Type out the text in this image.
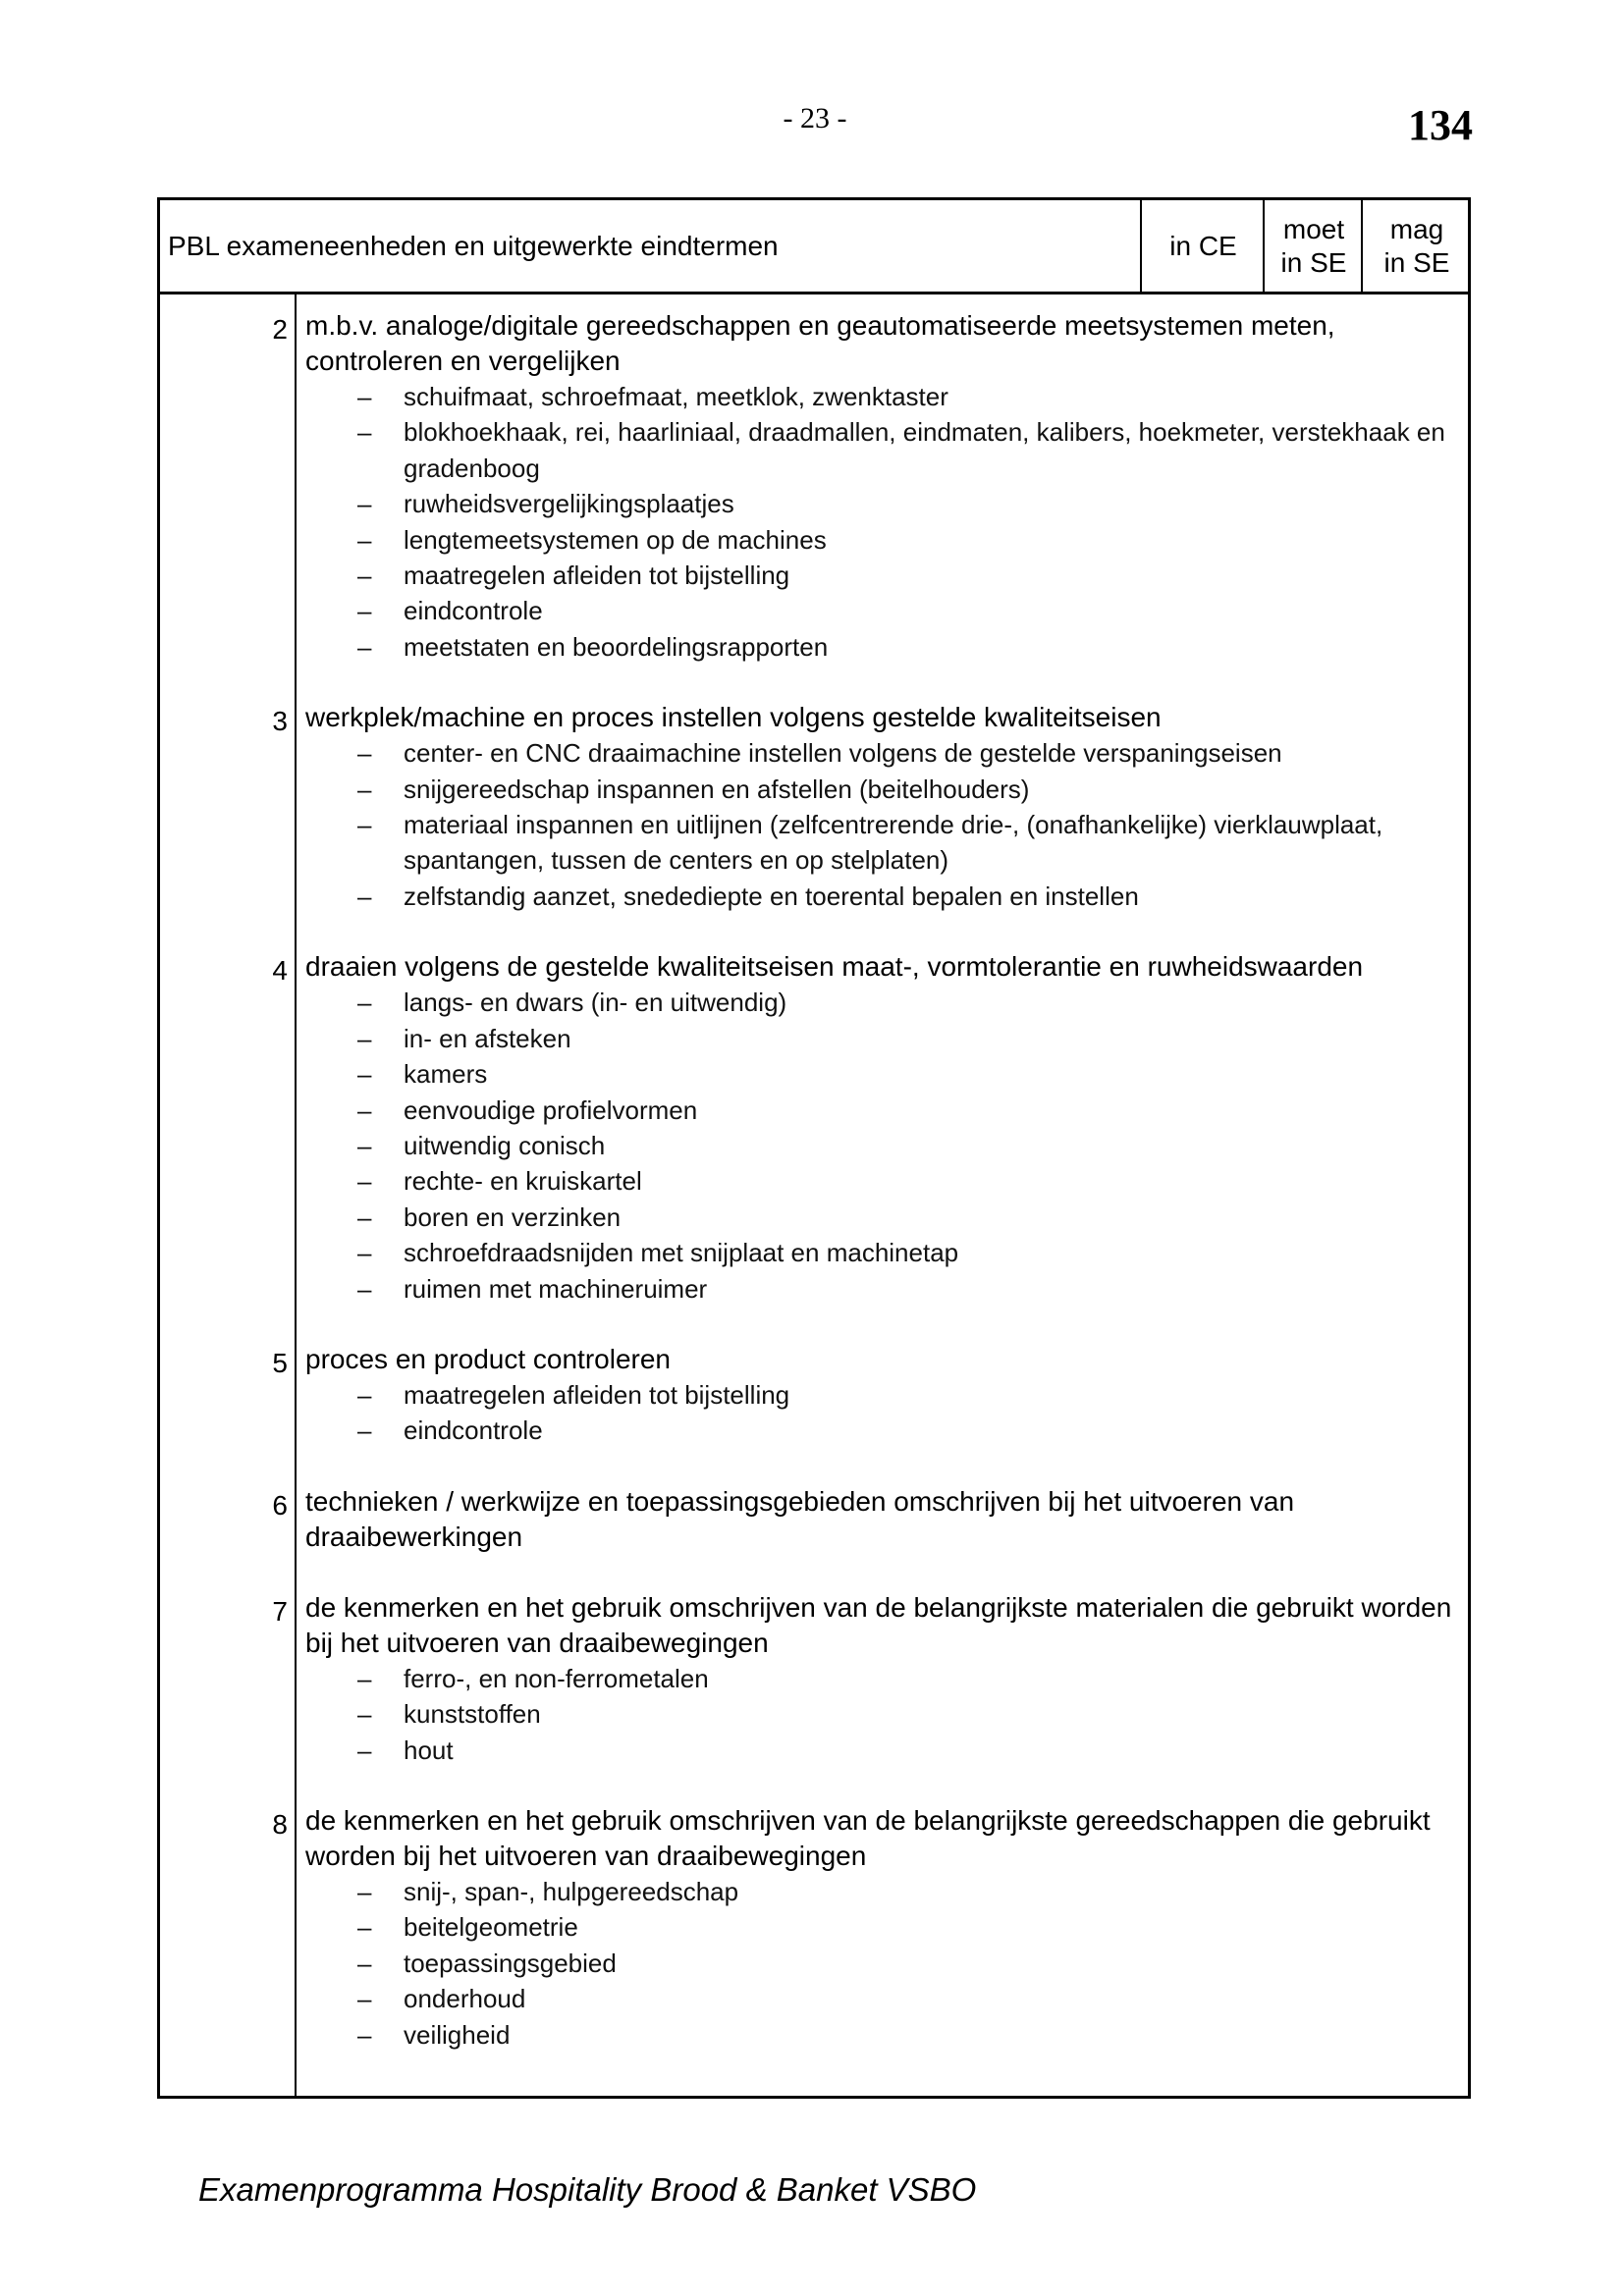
- 23 -	134
PBL exameneenheden en uitgewerkte eindtermen	in CE
moet
in SE
mag
in SE
2 m.b.v. analoge/digitale gereedschappen en geautomatiseerde meetsystemen meten, controleren en vergelijken
– schuifmaat, schroefmaat, meetklok, zwenktaster
– blokhoekhaak, rei, haarliniaal, draadmallen, eindmaten, kalibers, hoekmeter, verstekhaak en gradenboog
– ruwheidsvergelijkingsplaatjes
– lengtemeetsystemen op de machines
– maatregelen afleiden tot bijstelling
– eindcontrole
– meetstaten en beoordelingsrapporten
3 werkplek/machine en proces instellen volgens gestelde kwaliteitseisen
– center- en CNC draaimachine instellen volgens de gestelde verspaningseisen
– snijgereedschap inspannen en afstellen (beitelhouders)
– materiaal inspannen en uitlijnen (zelfcentrerende drie-, (onafhankelijke) vierklauwplaat, spantangen, tussen de centers en op stelplaten)
– zelfstandig aanzet, snedediepte en toerental bepalen en instellen
4 draaien volgens de gestelde kwaliteitseisen maat-, vormtolerantie en ruwheidswaarden
– langs- en dwars (in- en uitwendig)
– in- en afsteken
– kamers
– eenvoudige profielvormen
– uitwendig conisch
– rechte- en kruiskartel
– boren en verzinken
– schroefdraadsnijden met snijplaat en machinetap
– ruimen met machineruimer
5 proces en product controleren
– maatregelen afleiden tot bijstelling
– eindcontrole
6 technieken / werkwijze en toepassingsgebieden omschrijven bij het uitvoeren van draaibewerkingen
7 de kenmerken en het gebruik omschrijven van de belangrijkste materialen die gebruikt worden bij het uitvoeren van draaibewegingen
– ferro-, en non-ferrometalen
– kunststoffen
– hout
8 de kenmerken en het gebruik omschrijven van de belangrijkste gereedschappen die gebruikt worden bij het uitvoeren van draaibewegingen
– snij-, span-, hulpgereedschap
– beitelgeometrie
– toepassingsgebied
– onderhoud
– veiligheid
Examenprogramma Hospitality Brood & Banket VSBO
